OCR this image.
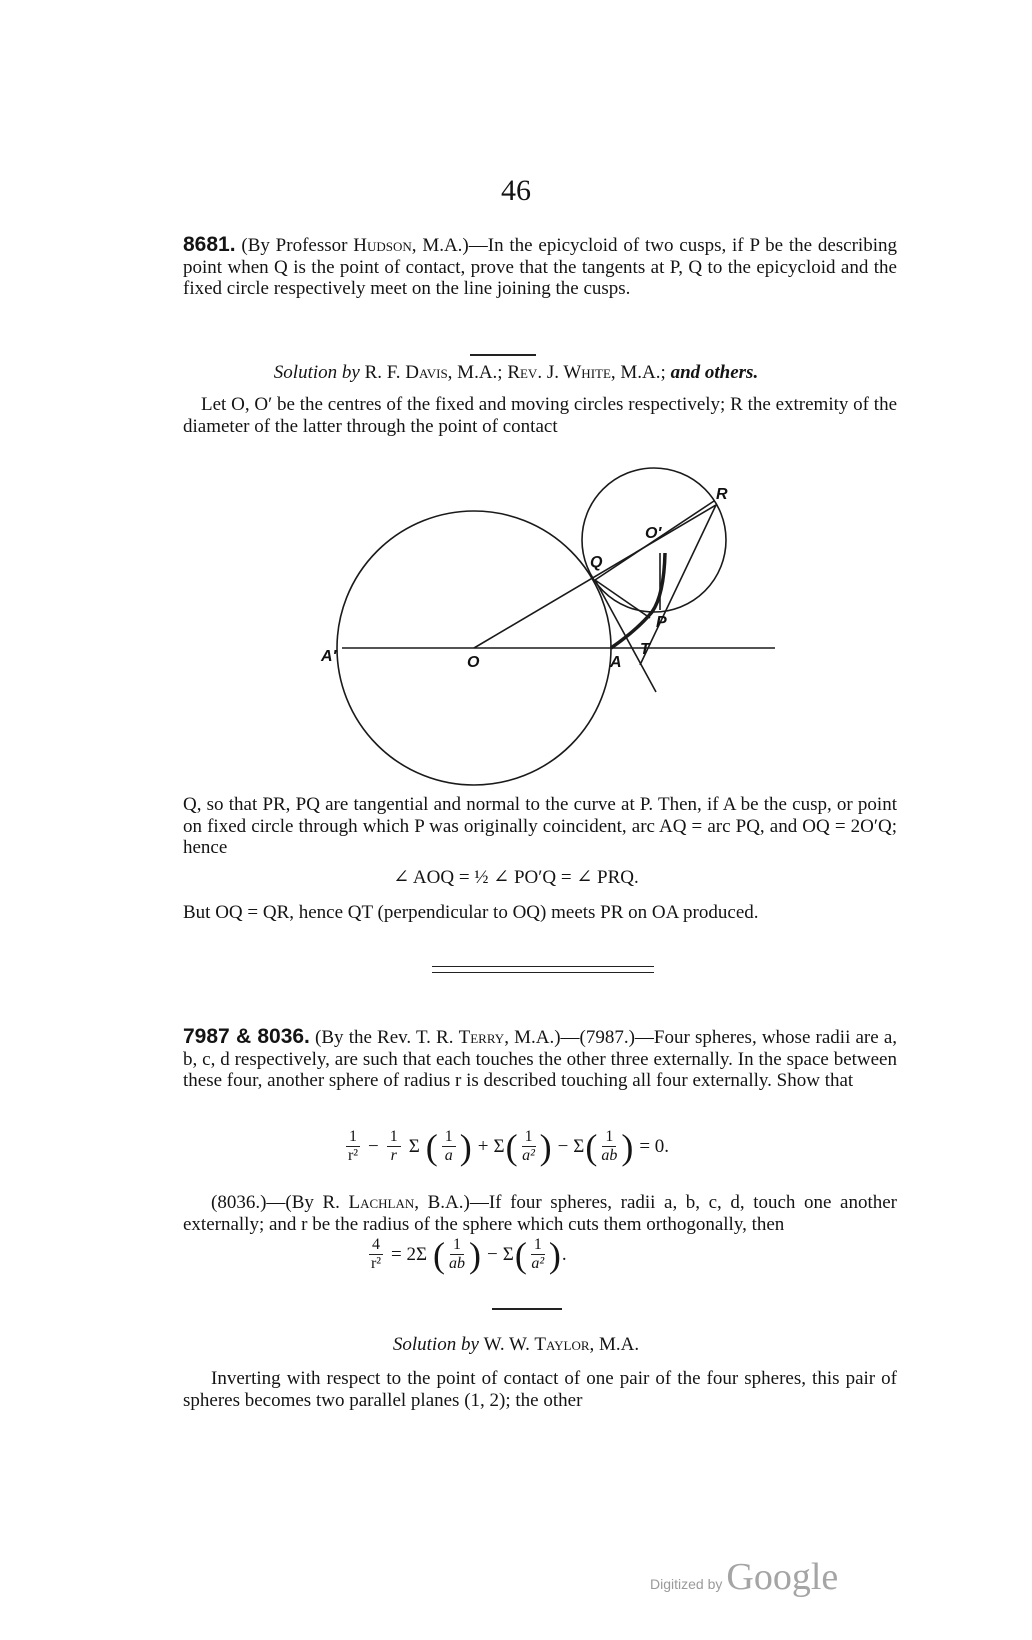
46
8681. (By Professor Hudson, M.A.)—In the epicycloid of two cusps, if P be the describing point when Q is the point of contact, prove that the tangents at P, Q to the epicycloid and the fixed circle respectively meet on the line joining the cusps.
Solution by R. F. Davis, M.A.; Rev. J. White, M.A.; and others.
Let O, O′ be the centres of the fixed and moving circles respectively; R the extremity of the diameter of the latter through the point of contact
R
O′
Q
P
A′	O	A
T
Q, so that PR, PQ are tangential and normal to the curve at P. Then, if A be the cusp, or point on fixed circle through which P was originally coincident, arc AQ = arc PQ, and OQ = 2O′Q; hence
∠ AOQ = ½ ∠ PO′Q = ∠ PRQ.
But OQ = QR, hence QT (perpendicular to OQ) meets PR on OA produced.
7987 & 8036. (By the Rev. T. R. Terry, M.A.)—(7987.)—Four spheres, whose radii are a, b, c, d respectively, are such that each touches the other three externally. In the space between these four, another sphere of radius r is described touching all four externally. Show that
$\frac{1}{\text{r²}} - \frac{1}{r}$ Σ ( $\frac{1}{a}$ ) + Σ ( $\frac{1}{\text{a²}}$ ) − Σ ( $\frac{1}{ab}$ ) = 0.
(8036.)—(By R. Lachlan, B.A.)—If four spheres, radii a, b, c, d, touch one another externally; and r be the radius of the sphere which cuts them orthogonally, then
$\frac{4}{\text{r²}} = 2\Sigma$ ( $\frac{1}{ab}$ ) − Σ ( $\frac{1}{\text{a²}}$ ) .
Solution by W. W. Taylor, M.A.
Inverting with respect to the point of contact of one pair of the four spheres, this pair of spheres becomes two parallel planes (1, 2); the other
Digitized by Google
